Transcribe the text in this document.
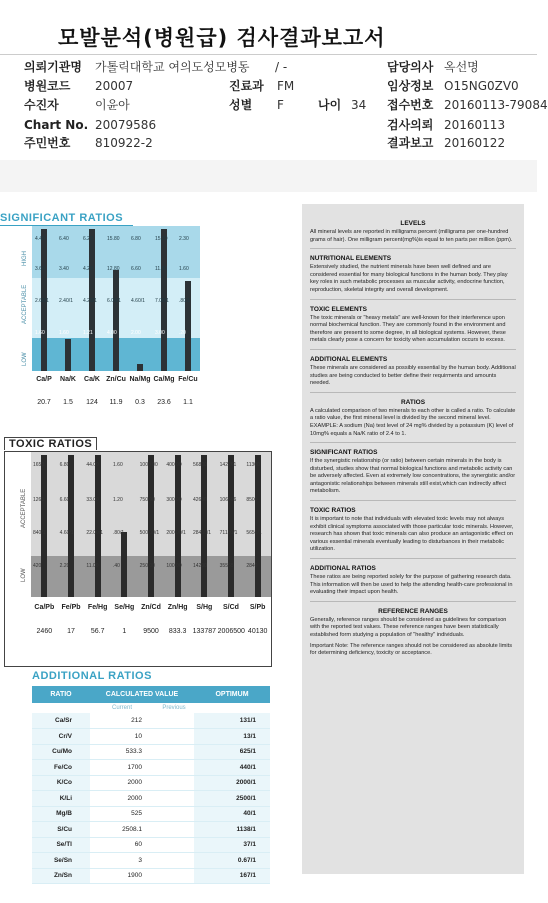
모발분석(병원급) 검사결과보고서
의뢰기관명 가톨릭대학교 여의도성모병동 / -	담당의사 옥선명
병원코드 20007	진료과 FM	임상정보 O15NG0ZV0
수진자	이윤아	성별 F	나이 34 접수번호 20160113-79084
Chart No. 20079586	검사의뢰 20160113
주민번호 810922-2	결과보고 20160122
SIGNIFICANT RATIOS
HIGH
ACCEPTABLE
LOW
4.40
3.60
2.60/1
1.60
Ca/P
20.7
6.40
3.40
2.40/1
1.60
Na/K
1.5
6.20
4.20
4.20/1
1.21
Ca/K
124
15.80
12.80
6.00/1
4.00
Zn/Cu
11.9
6.80
6.60
4.60/1
2.00
Na/Mg
0.3
15.80
11.80
7.00/1
3.00
Ca/Mg
23.6
2.30
1.60
.80/1
.20
Fe/Cu
1.1
TOXIC RATIOS
ACCEPTABLE
LOW
1650
1260
840/1
420
Ca/Pb
2460
6.80
6.60
4.60/1
2.20
Fe/Pb
17
44.00
33.00
22.00/1
11.00
Fe/Hg
56.7
1.60
1.20
.80/1
.40
Se/Hg
1
1000.00
750.00
500.00/1
250.00
Zn/Cd
9500
400.00
300.00
200.00/1
100.00
Zn/Hg
833.3
56800
42600
28400/1
14200
S/Hg
133787
142261
106696
71130/1
35565
S/Cd
2006500
11300
8500
5650/1
2840
S/Pb
40130
ADDITIONAL RATIOS
RATIO	CALCULATED VALUE		OPTIMUM
	Current	Previous	
Ca/Sr	212		131/1
Cr/V	10		13/1
Cu/Mo	533.3		625/1
Fe/Co	1700		440/1
K/Co	2000		2000/1
K/Li	2000		2500/1
Mg/B	525		40/1
S/Cu	2508.1		1138/1
Se/Tl	60		37/1
Se/Sn	3		0.67/1
Zn/Sn	1900		167/1
LEVELS

All mineral levels are reported in milligrams percent (milligrams per one-hundred grams of hair). One milligram percent(mg%)is equal to ten parts per million (ppm).

NUTRITIONAL ELEMENTS

Extensively studied, the nutrient minerals have been well defined and are considered essential for many biological functions in the human body. They play key roles in such metabolic processes as muscular activity, endocrine function, reproduction, skeletal integrity and overall development.

TOXIC ELEMENTS

The toxic minerals or "heavy metals" are well-known for their interference upon normal biochemical function. They are commonly found in the environment and therefore are present to some degree, in all biological systems. However, these metals clearly pose a concern for toxicity when accumulation occurs to excess.

ADDITIONAL ELEMENTS

These minerals are considered as possibly essential by the human body. Additional studies are being conducted to better define their requirments and amounts needed.

RATIOS

A calculated comparison of two minerals to each other is called a ratio. To calculate a ratio value, the first mineral level is divided by the second mineral level. EXAMPLE: A sodium (Na) test level of 24 mg% divided by a potassium (K) level of 10mg% equals a Na/K ratio of 2.4 to 1.

SIGNIFICANT RATIOS

If the synergistic relationship (or ratio) between certain minerals in the body is disturbed, studies show that normal biological functions and metabolic activity can be adversely affected. Even at extremely low concentrations, the synergistic and/or antagonistic relationships between minerals still exist,which can indirectly affect metabolism.

TOXIC RATIOS

It is important to note that individuals with elevated toxic levels may not always exhibit clinical symptoms associated with those particular toxic minerals. However, research has shown that toxic minerals can also produce an antagonistic effect on various essential minerals eventually leading to disturbances in their metabolic utilization.

ADDITIONAL RATIOS

These ratios are being reported solely for the purpose of gathering research data. This information will then be used to help the attending health-care professional in evaluating their impact upon health.

REFERENCE RANGES

Generally, reference ranges should be considered as guidelines for comparison with the reported test values. These reference ranges have been statistically established form studying a population of "healthy" individuals.

Important Note: The reference ranges should not be considered as absolute limits for determining deficiency, toxicity or acceptance.
